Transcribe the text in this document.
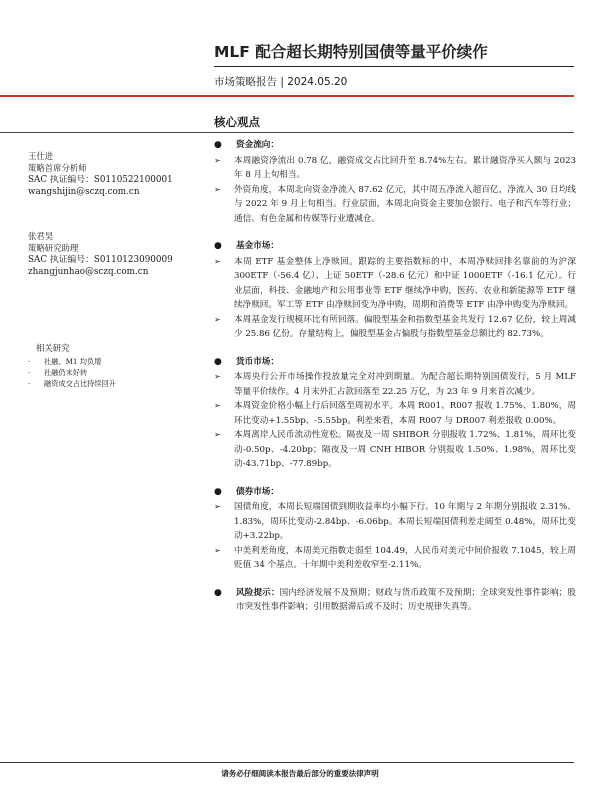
MLF 配合超长期特别国债等量平价续作
市场策略报告 | 2024.05.20
核心观点
王仕进
策略首席分析师
SAC 执证编号：S0110522100001
wangshijin@sczq.com.cn
张君昊
策略研究助理
SAC 执证编号：S0110123090009
zhangjunhao@sczq.com.cn
相关研究
· 社融、M1 均负增
· 社融仍未好转
· 融资成交占比持续回升
● 资金流向：
➢	本周融资净流出 0.78 亿，融资成交占比回升至 8.74%左右。累计融资净买入额与 2023 年 8 月上旬相当。
➢	外资角度，本周北向资金净流入 87.62 亿元，其中周五净流入超百亿，净流入 30 日均线与 2022 年 9 月上旬相当。行业层面，本周北向资金主要加仓银行、电子和汽车等行业；通信、有色金属和传媒等行业遭减仓。
● 基金市场：
➢	本周 ETF 基金整体上净赎回。跟踪的主要指数标的中，本周净赎回排名靠前的为沪深 300ETF（-56.4 亿）、上证 50ETF（-28.6 亿元）和中证 1000ETF（-16.1 亿元）。行业层面，科技、金融地产和公用事业等 ETF 继续净申购，医药、农业和新能源等 ETF 继续净赎回。军工等 ETF 由净赎回变为净申购，周期和消费等 ETF 由净申购变为净赎回。
➢	本周基金发行规模环比有所回落。偏股型基金和指数型基金共发行 12.67 亿份，较上周减少 25.86 亿份。存量结构上，偏股型基金占偏股与指数型基金总额比约 82.73%。
● 货币市场：
➢	本周央行公开市场操作投放量完全对冲到期量。为配合超长期特别国债发行，5 月 MLF 等量平价续作。4 月末外汇占款回落至 22.25 万亿，为 23 年 9 月来首次减少。
➢	本周资金价格小幅上行后回落至周初水平。本周 R001、R007 报收 1.75%、1.80%，周环比变动+1.55bp、-5.55bp。利差来看，本周 R007 与 DR007 利差报收 0.00%。
➢	本周离岸人民币流动性宽松。隔夜及一周 SHIBOR 分别报收 1.72%、1.81%，周环比变动-0.50p、-4.20bp；隔夜及一周 CNH HIBOR 分别报收 1.50%、1.98%，周环比变动-43.71bp、-77.89bp。
● 债券市场：
➢	国债角度，本周长短端国债到期收益率均小幅下行。10 年期与 2 年期分别报收 2.31%、1.83%，周环比变动-2.84bp、-6.06bp。本周长短端国债利差走阔至 0.48%，周环比变动+3.22bp。
➢	中美利差角度，本周美元指数走弱至 104.49，人民币对美元中间价报收 7.1045，较上周贬值 34 个基点。十年期中美利差收窄至-2.11%。
●	风险提示：国内经济发展不及预期；财政与货币政策不及预期；全球突发性事件影响；股市突发性事件影响；引用数据滞后或不及时；历史规律失真等。
请务必仔细阅读本报告最后部分的重要法律声明
